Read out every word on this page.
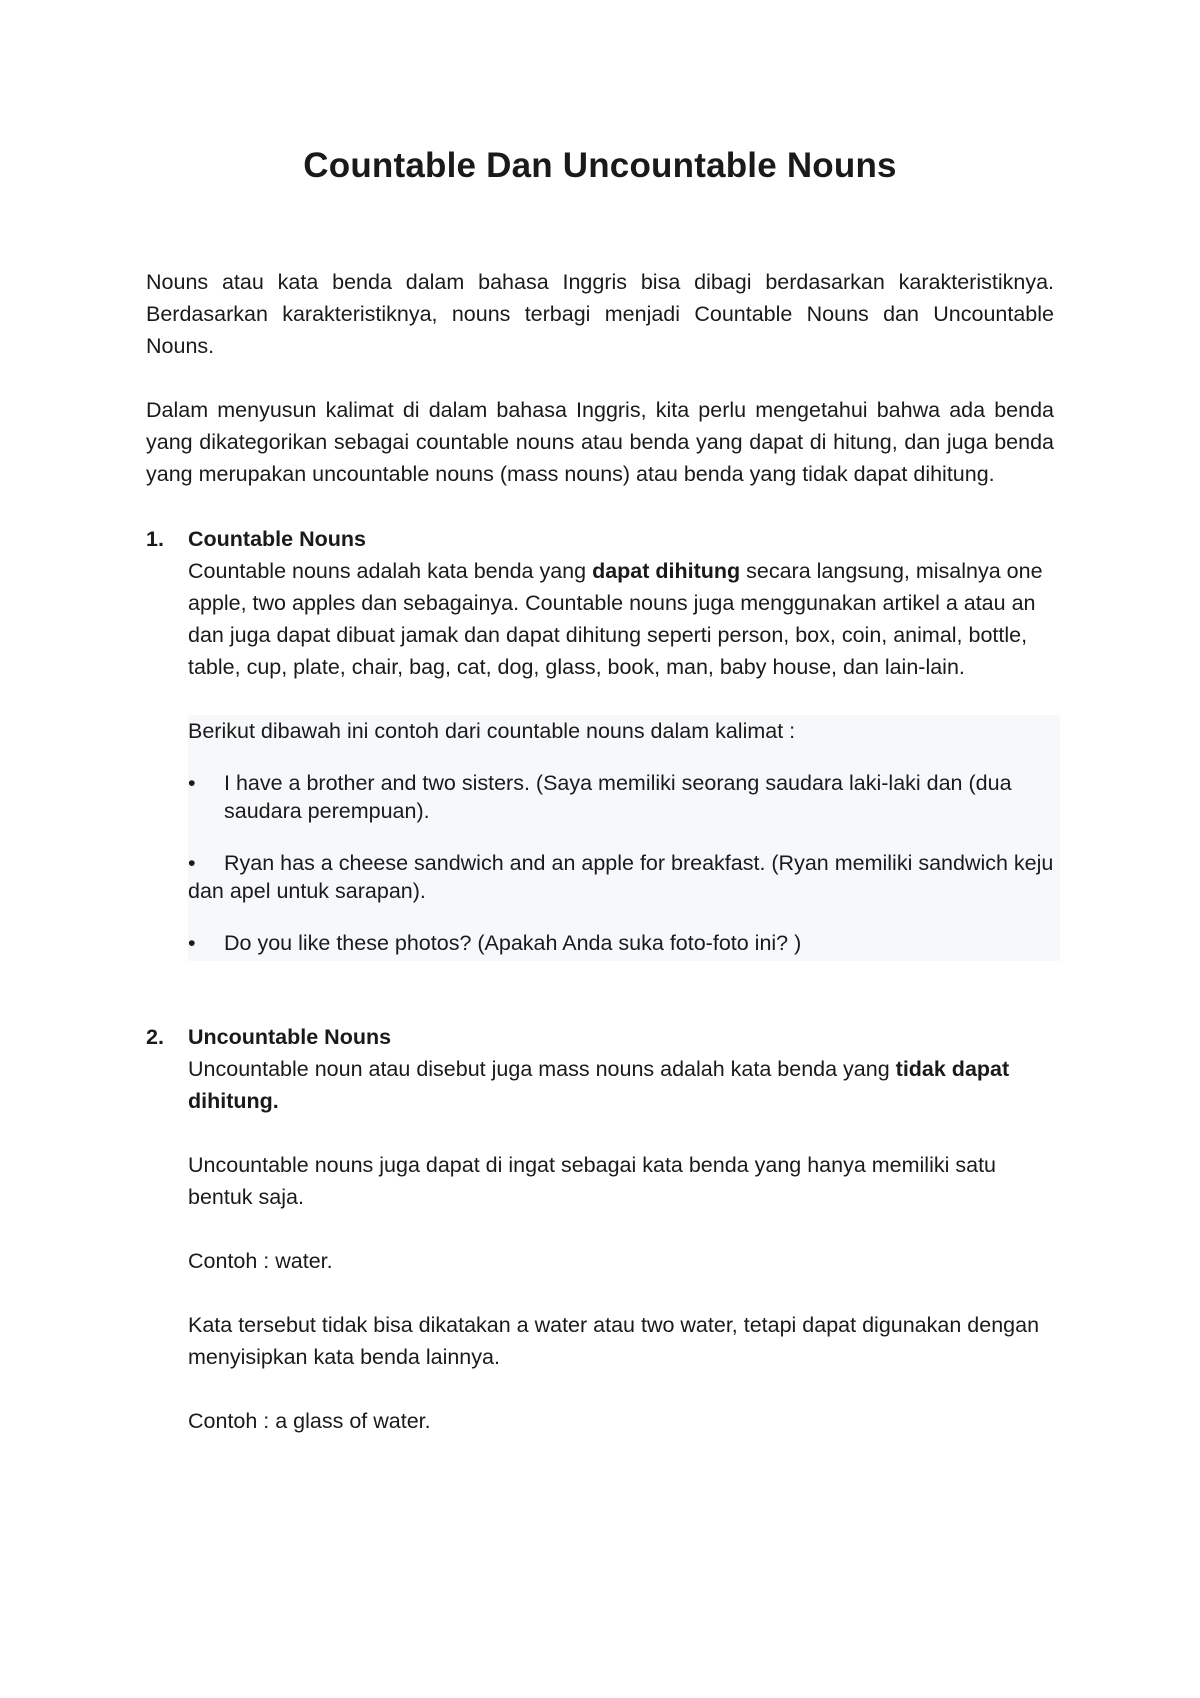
Countable Dan Uncountable Nouns

Nouns atau kata benda dalam bahasa Inggris bisa dibagi berdasarkan karakteristiknya. Berdasarkan karakteristiknya, nouns terbagi menjadi Countable Nouns dan Uncountable Nouns.

Dalam menyusun kalimat di dalam bahasa Inggris, kita perlu mengetahui bahwa ada benda yang dikategorikan sebagai countable nouns atau benda yang dapat di hitung, dan juga benda yang merupakan uncountable nouns (mass nouns) atau benda yang tidak dapat dihitung.

1.	Countable Nouns

Countable nouns adalah kata benda yang dapat dihitung secara langsung, misalnya one apple, two apples dan sebagainya. Countable nouns juga menggunakan artikel a atau an dan juga dapat dibuat jamak dan dapat dihitung seperti person, box, coin, animal, bottle, table, cup, plate, chair, bag, cat, dog, glass, book, man, baby house, dan lain-lain.

Berikut dibawah ini contoh dari countable nouns dalam kalimat :

•	I have a brother and two sisters. (Saya memiliki seorang saudara laki-laki dan (dua saudara perempuan).
• Ryan has a cheese sandwich and an apple for breakfast. (Ryan memiliki sandwich keju dan apel untuk sarapan).
•	Do you like these photos? (Apakah Anda suka foto-foto ini? )
2.	Uncountable Nouns

Uncountable noun atau disebut juga mass nouns adalah kata benda yang tidak dapat dihitung.

Uncountable nouns juga dapat di ingat sebagai kata benda yang hanya memiliki satu bentuk saja.

Contoh : water.

Kata tersebut tidak bisa dikatakan a water atau two water, tetapi dapat digunakan dengan menyisipkan kata benda lainnya.

Contoh : a glass of water.
